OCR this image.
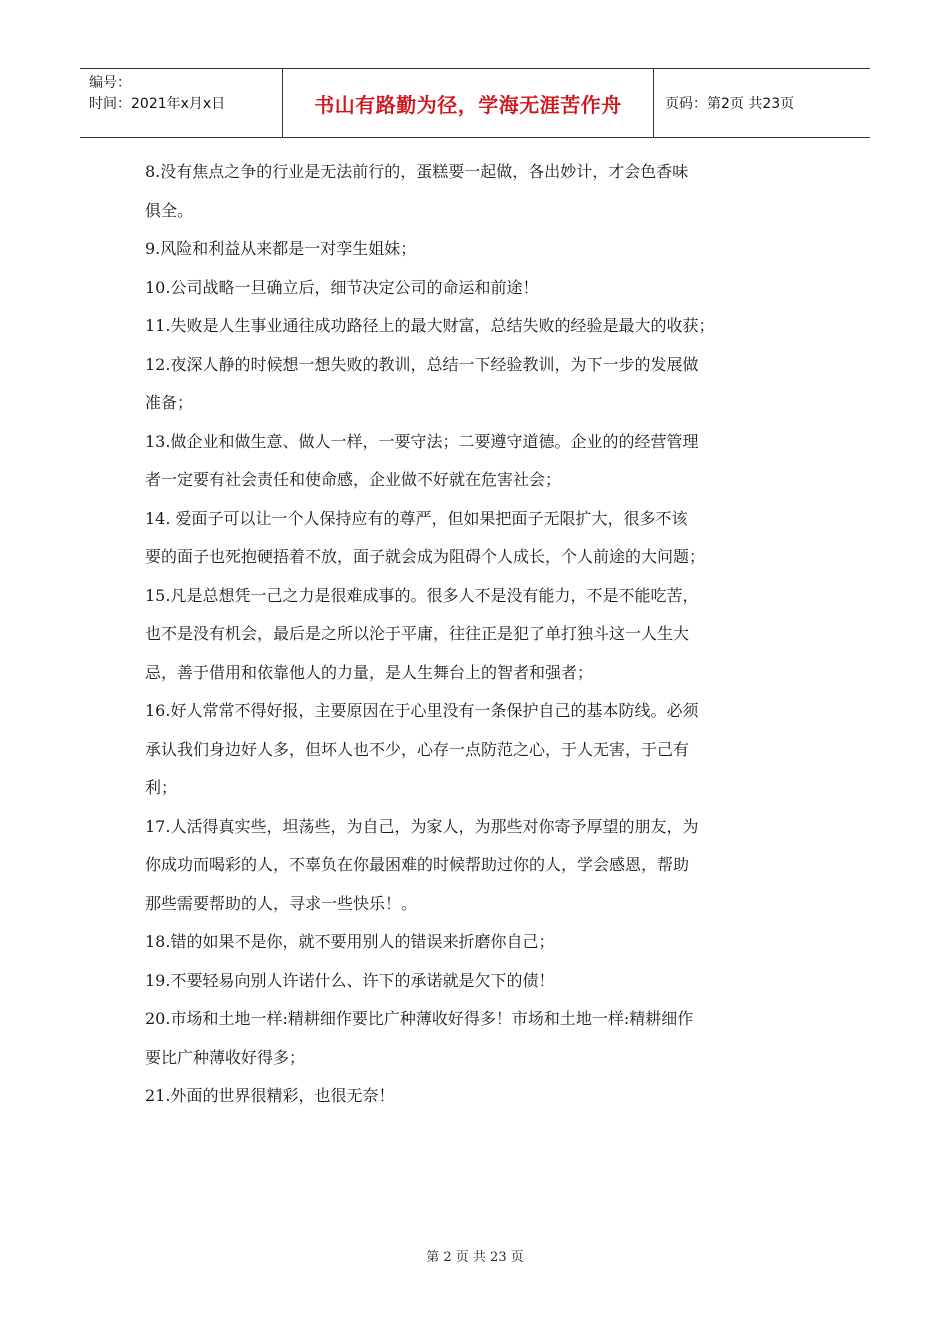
编号：
时间：2021年x月x日	书山有路勤为径，学海无涯苦作舟	页码：第2页 共23页
8.没有焦点之争的行业是无法前行的，蛋糕要一起做，各出妙计，才会色香味
俱全。
9.风险和利益从来都是一对孪生姐妹；
10.公司战略一旦确立后，细节决定公司的命运和前途！
11.失败是人生事业通往成功路径上的最大财富，总结失败的经验是最大的收获；
12.夜深人静的时候想一想失败的教训，总结一下经验教训，为下一步的发展做
准备；
13.做企业和做生意、做人一样，一要守法；二要遵守道德。企业的的经营管理
者一定要有社会责任和使命感，企业做不好就在危害社会；
14. 爱面子可以让一个人保持应有的尊严，但如果把面子无限扩大，很多不该
要的面子也死抱硬捂着不放，面子就会成为阻碍个人成长，个人前途的大问题；
15.凡是总想凭一己之力是很难成事的。很多人不是没有能力，不是不能吃苦，
也不是没有机会，最后是之所以沦于平庸，往往正是犯了单打独斗这一人生大
忌，善于借用和依靠他人的力量，是人生舞台上的智者和强者；
16.好人常常不得好报，主要原因在于心里没有一条保护自己的基本防线。必须
承认我们身边好人多，但坏人也不少，心存一点防范之心，于人无害，于己有
利；
17.人活得真实些，坦荡些，为自己，为家人，为那些对你寄予厚望的朋友，为
你成功而喝彩的人，不辜负在你最困难的时候帮助过你的人，学会感恩，帮助
那些需要帮助的人，寻求一些快乐！。
18.错的如果不是你，就不要用别人的错误来折磨你自己；
19.不要轻易向别人许诺什么、许下的承诺就是欠下的债！
20.市场和土地一样:精耕细作要比广种薄收好得多！市场和土地一样:精耕细作
要比广种薄收好得多；
21.外面的世界很精彩，也很无奈！
第 2 页 共 23 页
